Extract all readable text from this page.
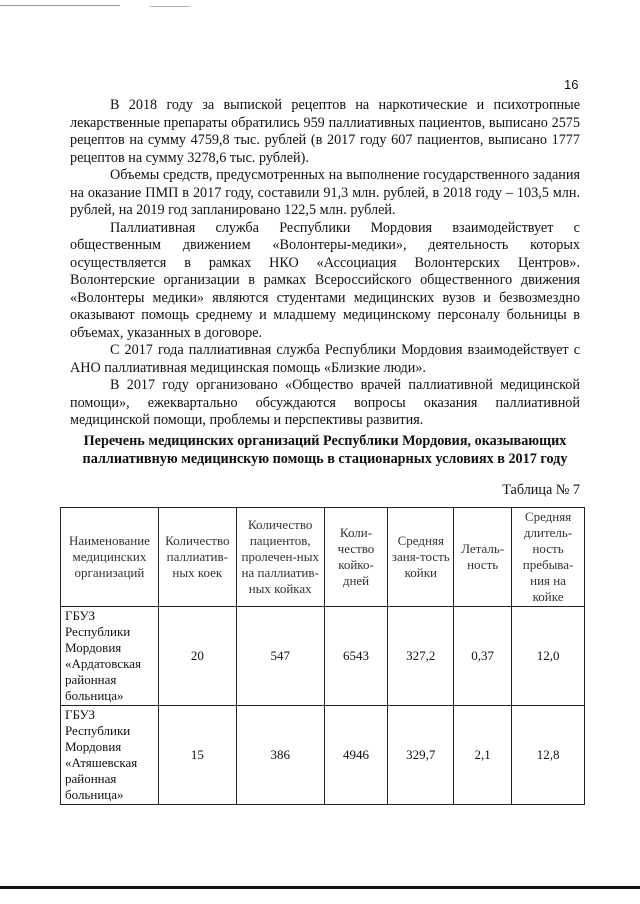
16

В 2018 году за выпиской рецептов на наркотические и психотропные лекарственные препараты обратились 959 паллиативных пациентов, выписано 2575 рецептов на сумму 4759,8 тыс. рублей (в 2017 году 607 пациентов, выписано 1777 рецептов на сумму 3278,6 тыс. рублей).

Объемы средств, предусмотренных на выполнение государственного задания на оказание ПМП в 2017 году, составили 91,3 млн. рублей, в 2018 году – 103,5 млн. рублей, на 2019 год запланировано 122,5 млн. рублей.

Паллиативная служба Республики Мордовия взаимодействует с общественным движением «Волонтеры-медики», деятельность которых осуществляется в рамках НКО «Ассоциация Волонтерских Центров». Волонтерские организации в рамках Всероссийского общественного движения «Волонтеры медики» являются студентами медицинских вузов и безвозмездно оказывают помощь среднему и младшему медицинскому персоналу больницы в объемах, указанных в договоре.

С 2017 года паллиативная служба Республики Мордовия взаимодействует с АНО паллиативная медицинская помощь «Близкие люди».

В 2017 году организовано «Общество врачей паллиативной медицинской помощи», ежеквартально обсуждаются вопросы оказания паллиативной медицинской помощи, проблемы и перспективы развития.

Перечень медицинских организаций Республики Мордовия, оказывающих паллиативную медицинскую помощь в стационарных условиях в 2017 году
Таблица № 7
Наименование медицинских организаций	Количество паллиатив-ных коек	Количество пациентов, пролечен-ных на паллиатив-ных койках	Коли-чество койко-дней	Средняя заня-тость койки	Леталь-ность	Средняя длитель-ность пребыва-ния на койке
ГБУЗ Республики Мордовия «Ардатовская районная больница»	20	547	6543	327,2	0,37	12,0
ГБУЗ Республики Мордовия «Атяшевская районная больница»	15	386	4946	329,7	2,1	12,8
